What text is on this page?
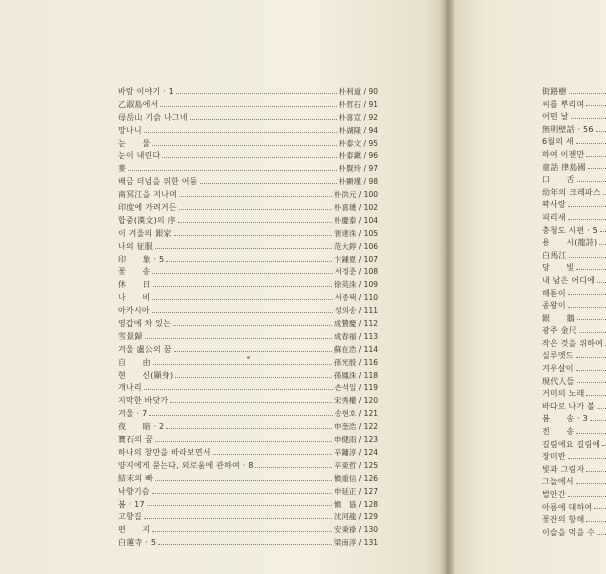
바람 이야기 · 1	朴利道 / 90
乙淑島에서	朴哲石 / 91
母岳山 기슭 나그네	朴喜宣 / 92
망나니	朴湖隆 / 94
눈　　물	朴泰文 / 95
눈이 내린다	朴泰鎭 / 96
麥	朴賢玲 / 97
배금 더넘을 위한 어둠	朴顯瑾 / 98
南冥江을 지나며	朴洪元 / 100
印度에 가려거든	朴喜璡 / 102
합중(漢文)의 序	朴慶泰 / 104
이 겨울의 銀家	裵達洙 / 105
나의 征服	范大錞 / 106
印　　象 · 5	卞鍾夏 / 107
꽃　　송	서정춘 / 108
休　　日	徐英洙 / 109
나　　비	서종택 / 110
아카시아	성의송 / 111
영갑에 차 있는	成贊慶 / 112
雪景歸	成春福 / 113
겨울 盧公의 꿈	蘇在浩 / 114
自　　由	孫光殷 / 116
현　　신(顯身)	孫鳳洙 / 118
개나리	손석일 / 119
지막한 바닷가	宋秀權 / 120
겨울 · 7	송현호 / 121
夜　　暗 · 2	申奎浩 / 122
寶石의 꿈	申健雨 / 123
하나의 창만을 바라보면서	辛鏞淳 / 124
양지에게 묻는다, 외로움에 관하여 · 8	辛東哲 / 125
結末의 빠	愼重信 / 126
낙향기슴	申延正 / 127
봄 · 17	愼　協 / 128
고향길	沈河龍 / 129
편　　지	安秉祿 / 130
白蓮寺 · 5	梁南淳 / 131
街路樹
씨를 뿌리며
어떤 날
無明壁話 · 56
6월의 새
하여 이젠만
童話 律島國
口　　舌
幼年의 크레파스
꽉사랑
피리새
충청도 시편 · 5
용　　시(龍詩)
白馬江
당　　빛
내 남은 어디에
해돋이
종왕이
銀　　鵝
광주 金尺
작은 것을 위하여
실루엣드
겨우살이
現代人들
거미의 노래
바다로 나가 볼
봄　　송 · 3
전　　송
길림에요 길림에
장미반
빛과 그림자
그늘에서
벌안간
아름에 대하여
꽃잔의 항해
이슬을 먹을 수
